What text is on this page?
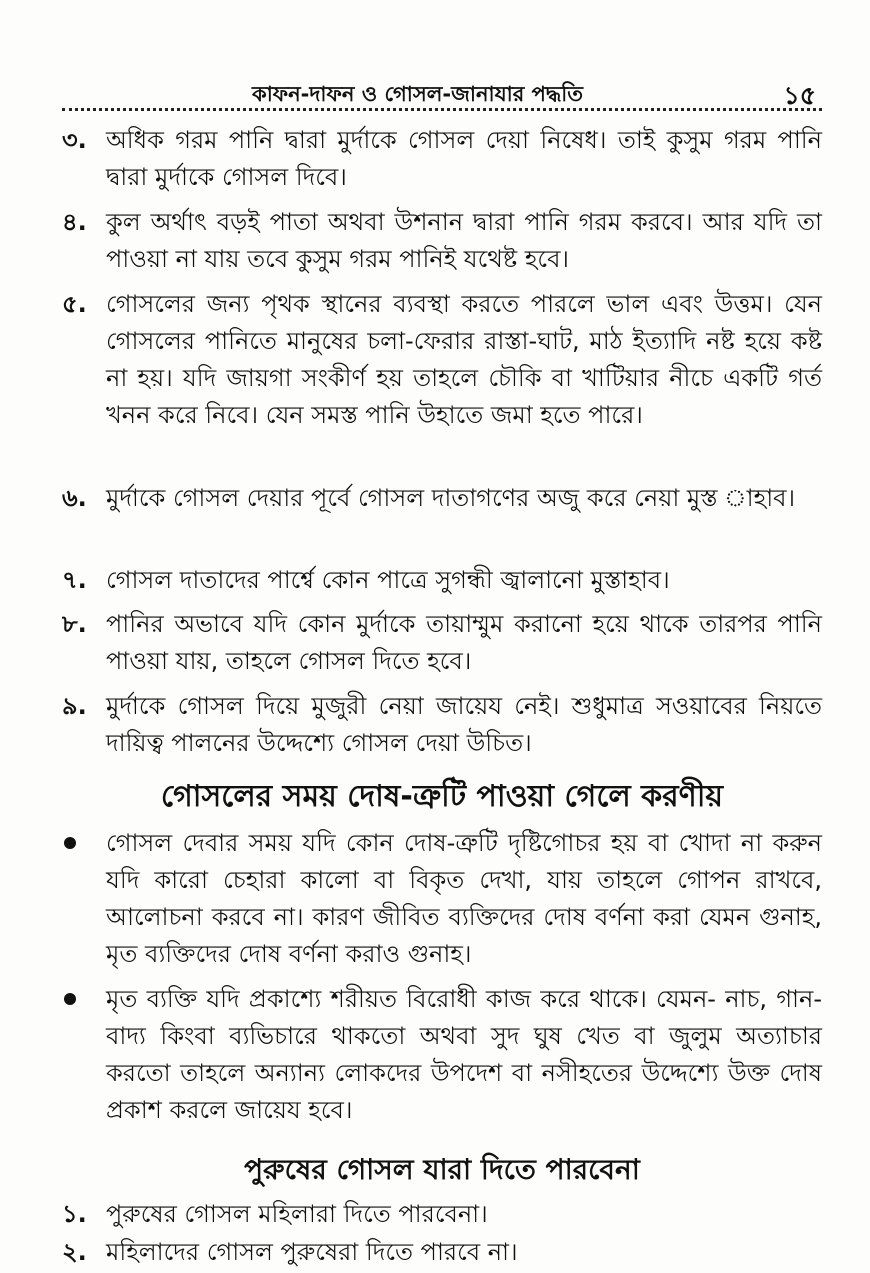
কাফন-দাফন ও গোসল-জানাযার পদ্ধতি	১৫
৩. অধিক গরম পানি দ্বারা মুর্দাকে গোসল দেয়া নিষেধ। তাই কুসুম গরম পানি দ্বারা মুর্দাকে গোসল দিবে।
৪. কুল অর্থাৎ বড়ই পাতা অথবা উশনান দ্বারা পানি গরম করবে। আর যদি তা পাওয়া না যায় তবে কুসুম গরম পানিই যথেষ্ট হবে।
৫. গোসলের জন্য পৃথক স্থানের ব্যবস্থা করতে পারলে ভাল এবং উত্তম। যেন গোসলের পানিতে মানুষের চলা-ফেরার রাস্তা-ঘাট, মাঠ ইত্যাদি নষ্ট হয়ে কষ্ট না হয়। যদি জায়গা সংকীর্ণ হয় তাহলে চৌকি বা খাটিয়ার নীচে একটি গর্ত খনন করে নিবে। যেন সমস্ত পানি উহাতে জমা হতে পারে।
৬. মুর্দাকে গোসল দেয়ার পূর্বে গোসল দাতাগণের অজু করে নেয়া মুস্ত াহাব।
৭. গোসল দাতাদের পার্শ্বে কোন পাত্রে সুগন্ধী জ্বালানো মুস্তাহাব।
৮. পানির অভাবে যদি কোন মুর্দাকে তায়াম্মুম করানো হয়ে থাকে তারপর পানি পাওয়া যায়, তাহলে গোসল দিতে হবে।
৯. মুর্দাকে গোসল দিয়ে মুজুরী নেয়া জায়েয নেই। শুধুমাত্র সওয়াবের নিয়তে দায়িত্ব পালনের উদ্দেশ্যে গোসল দেয়া উচিত।
গোসলের সময় দোষ-ত্রুটি পাওয়া গেলে করণীয়
গোসল দেবার সময় যদি কোন দোষ-ত্রুটি দৃষ্টিগোচর হয় বা খোদা না করুন যদি কারো চেহারা কালো বা বিকৃত দেখা, যায় তাহলে গোপন রাখবে, আলোচনা করবে না। কারণ জীবিত ব্যক্তিদের দোষ বর্ণনা করা যেমন গুনাহ, মৃত ব্যক্তিদের দোষ বর্ণনা করাও গুনাহ।
মৃত ব্যক্তি যদি প্রকাশ্যে শরীয়ত বিরোধী কাজ করে থাকে। যেমন- নাচ, গান-বাদ্য কিংবা ব্যভিচারে থাকতো অথবা সুদ ঘুষ খেত বা জুলুম অত্যাচার করতো তাহলে অন্যান্য লোকদের উপদেশ বা নসীহতের উদ্দেশ্যে উক্ত দোষ প্রকাশ করলে জায়েয হবে।
পুরুষের গোসল যারা দিতে পারবেনা
১. পুরুষের গোসল মহিলারা দিতে পারবেনা।
২. মহিলাদের গোসল পুরুষেরা দিতে পারবে না।
